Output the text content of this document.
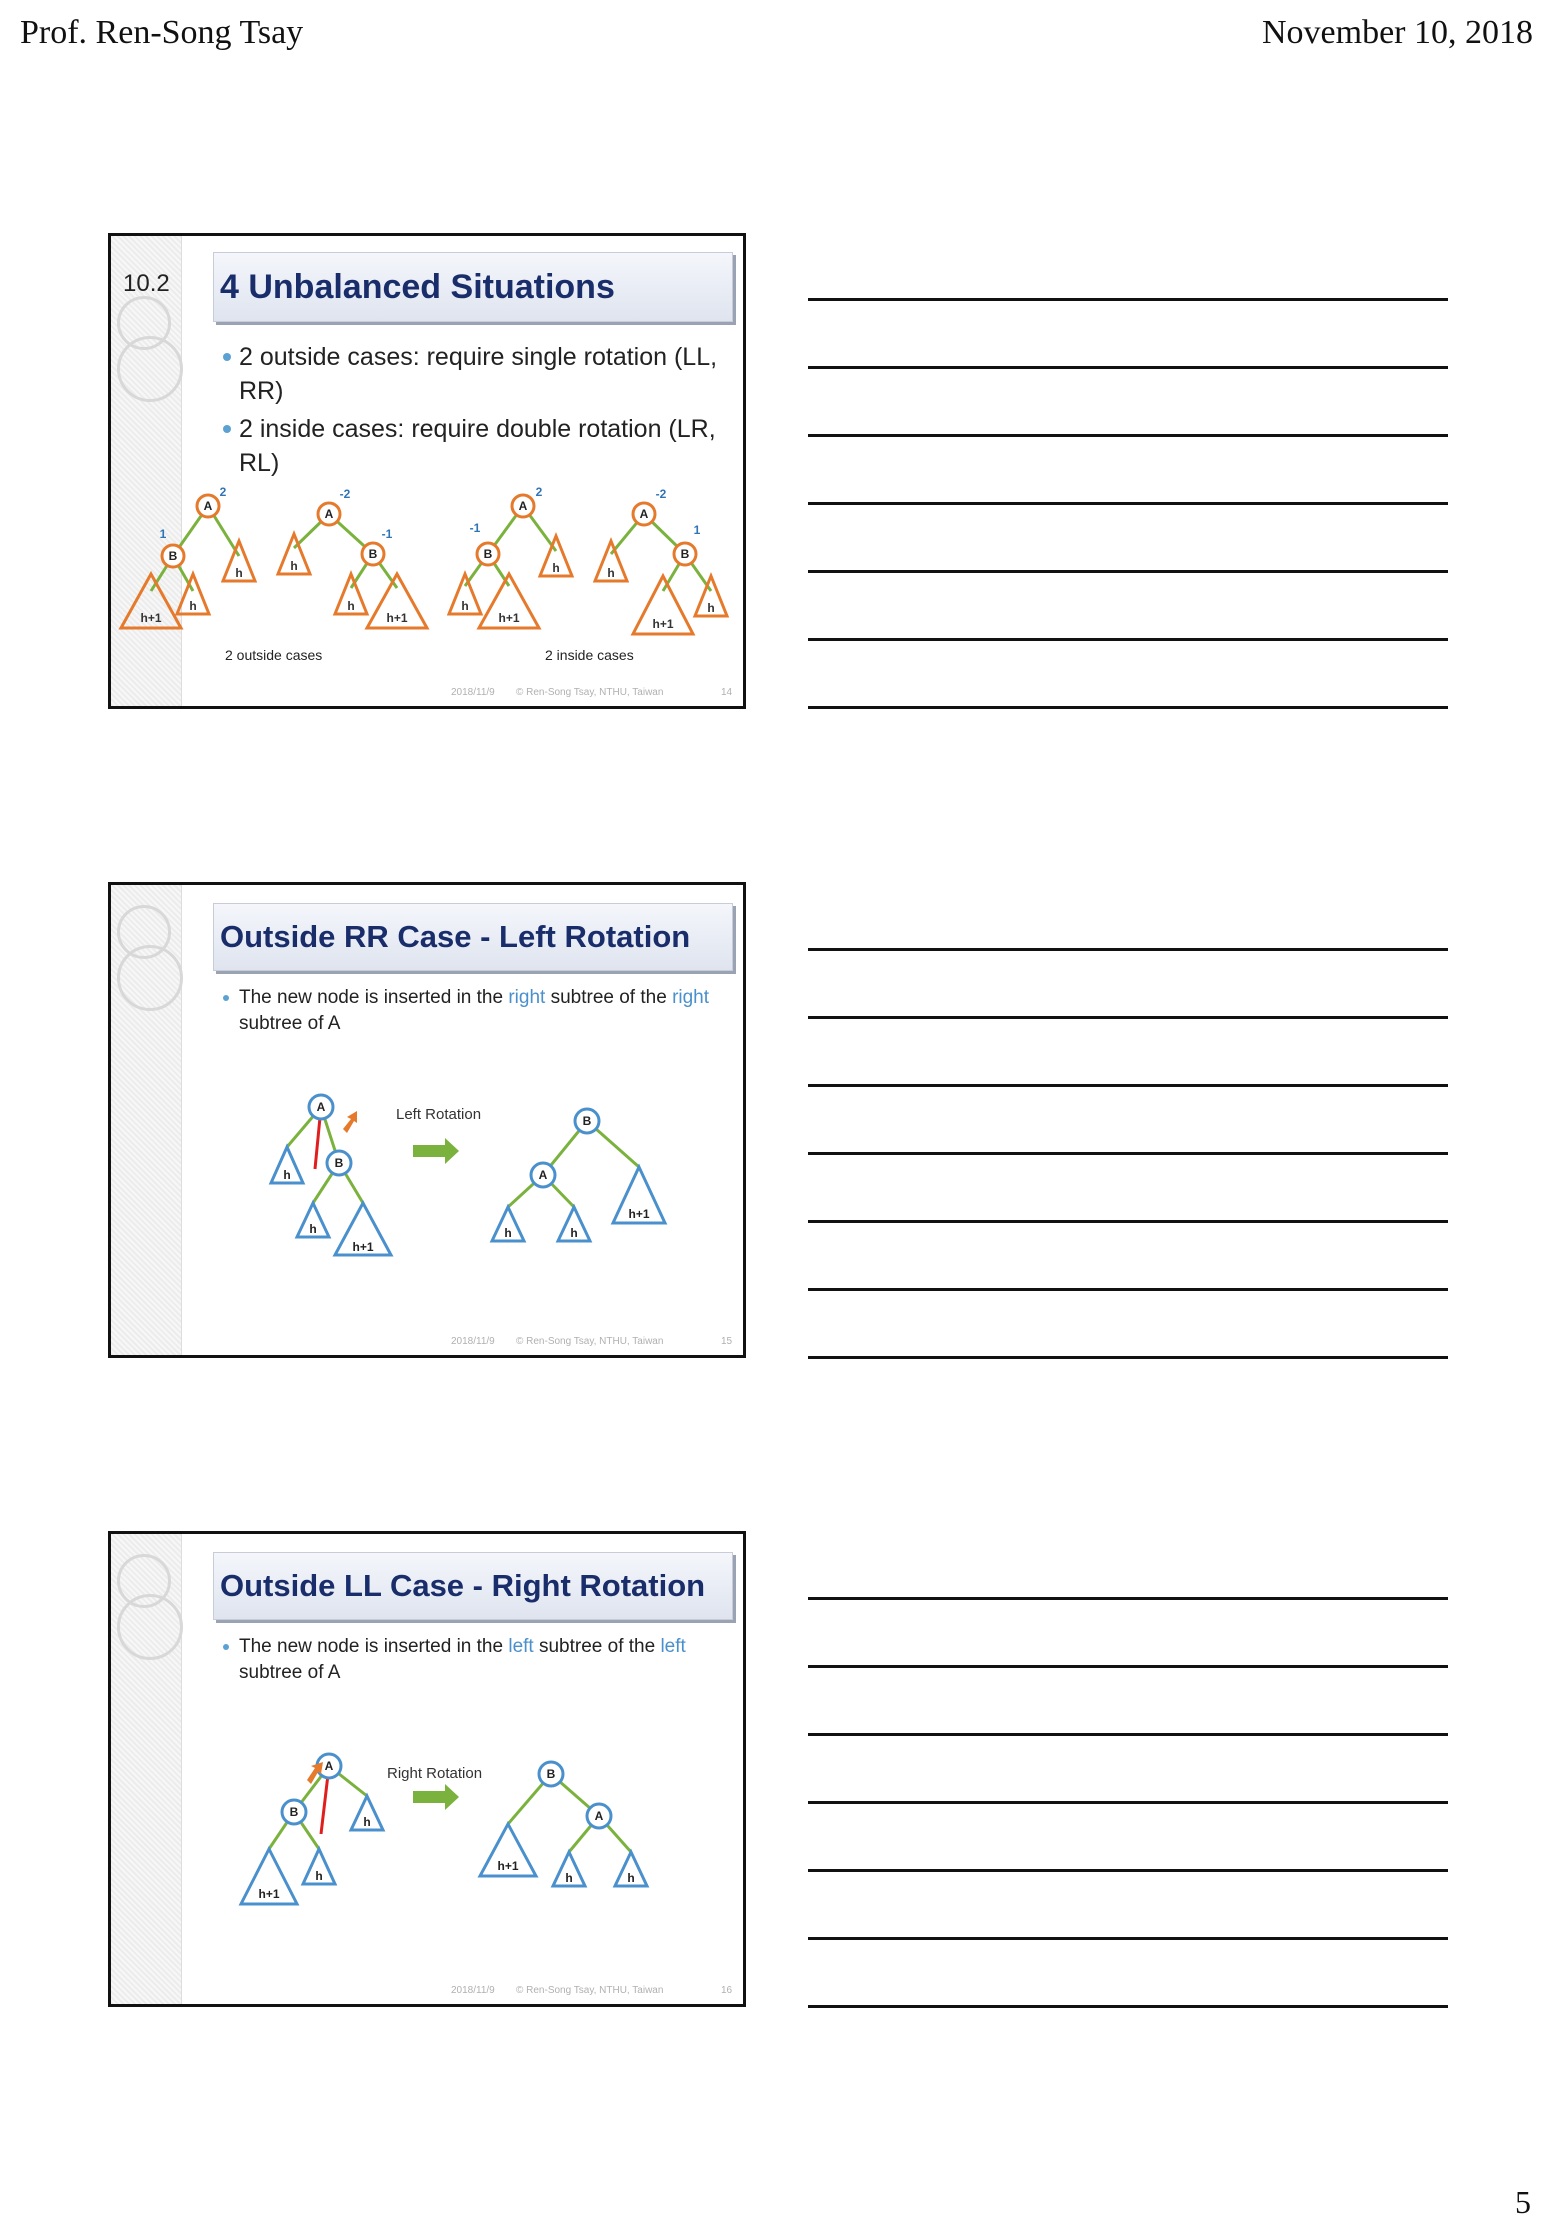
Prof. Ren-Song Tsay	November 10, 2018
10.2 4 Unbalanced Situations
2 outside cases: require single rotation (LL, RR)
2 inside cases: require double rotation (LR, RL)
A
B
A
B
A
B
A
B
h+1
h
h	h
h
h+1
h
h+1
h	h
h+1
h
1
2	-2
-1	-1
2	-2
1
2 outside cases	2 inside cases
2018/11/9 © Ren-Song Tsay, NTHU, Taiwan	14
Outside RR Case - Left Rotation
The new node is inserted in the right subtree of the right subtree of A
A
B
B
A
h
h
h+1
h	h
h+1
Left Rotation
2018/11/9 © Ren-Song Tsay, NTHU, Taiwan	15
Outside LL Case - Right Rotation
The new node is inserted in the left subtree of the left subtree of A
A
B
B
A
h
h+1
h
h+1
h	h
Right Rotation
2018/11/9 © Ren-Song Tsay, NTHU, Taiwan	16
5
